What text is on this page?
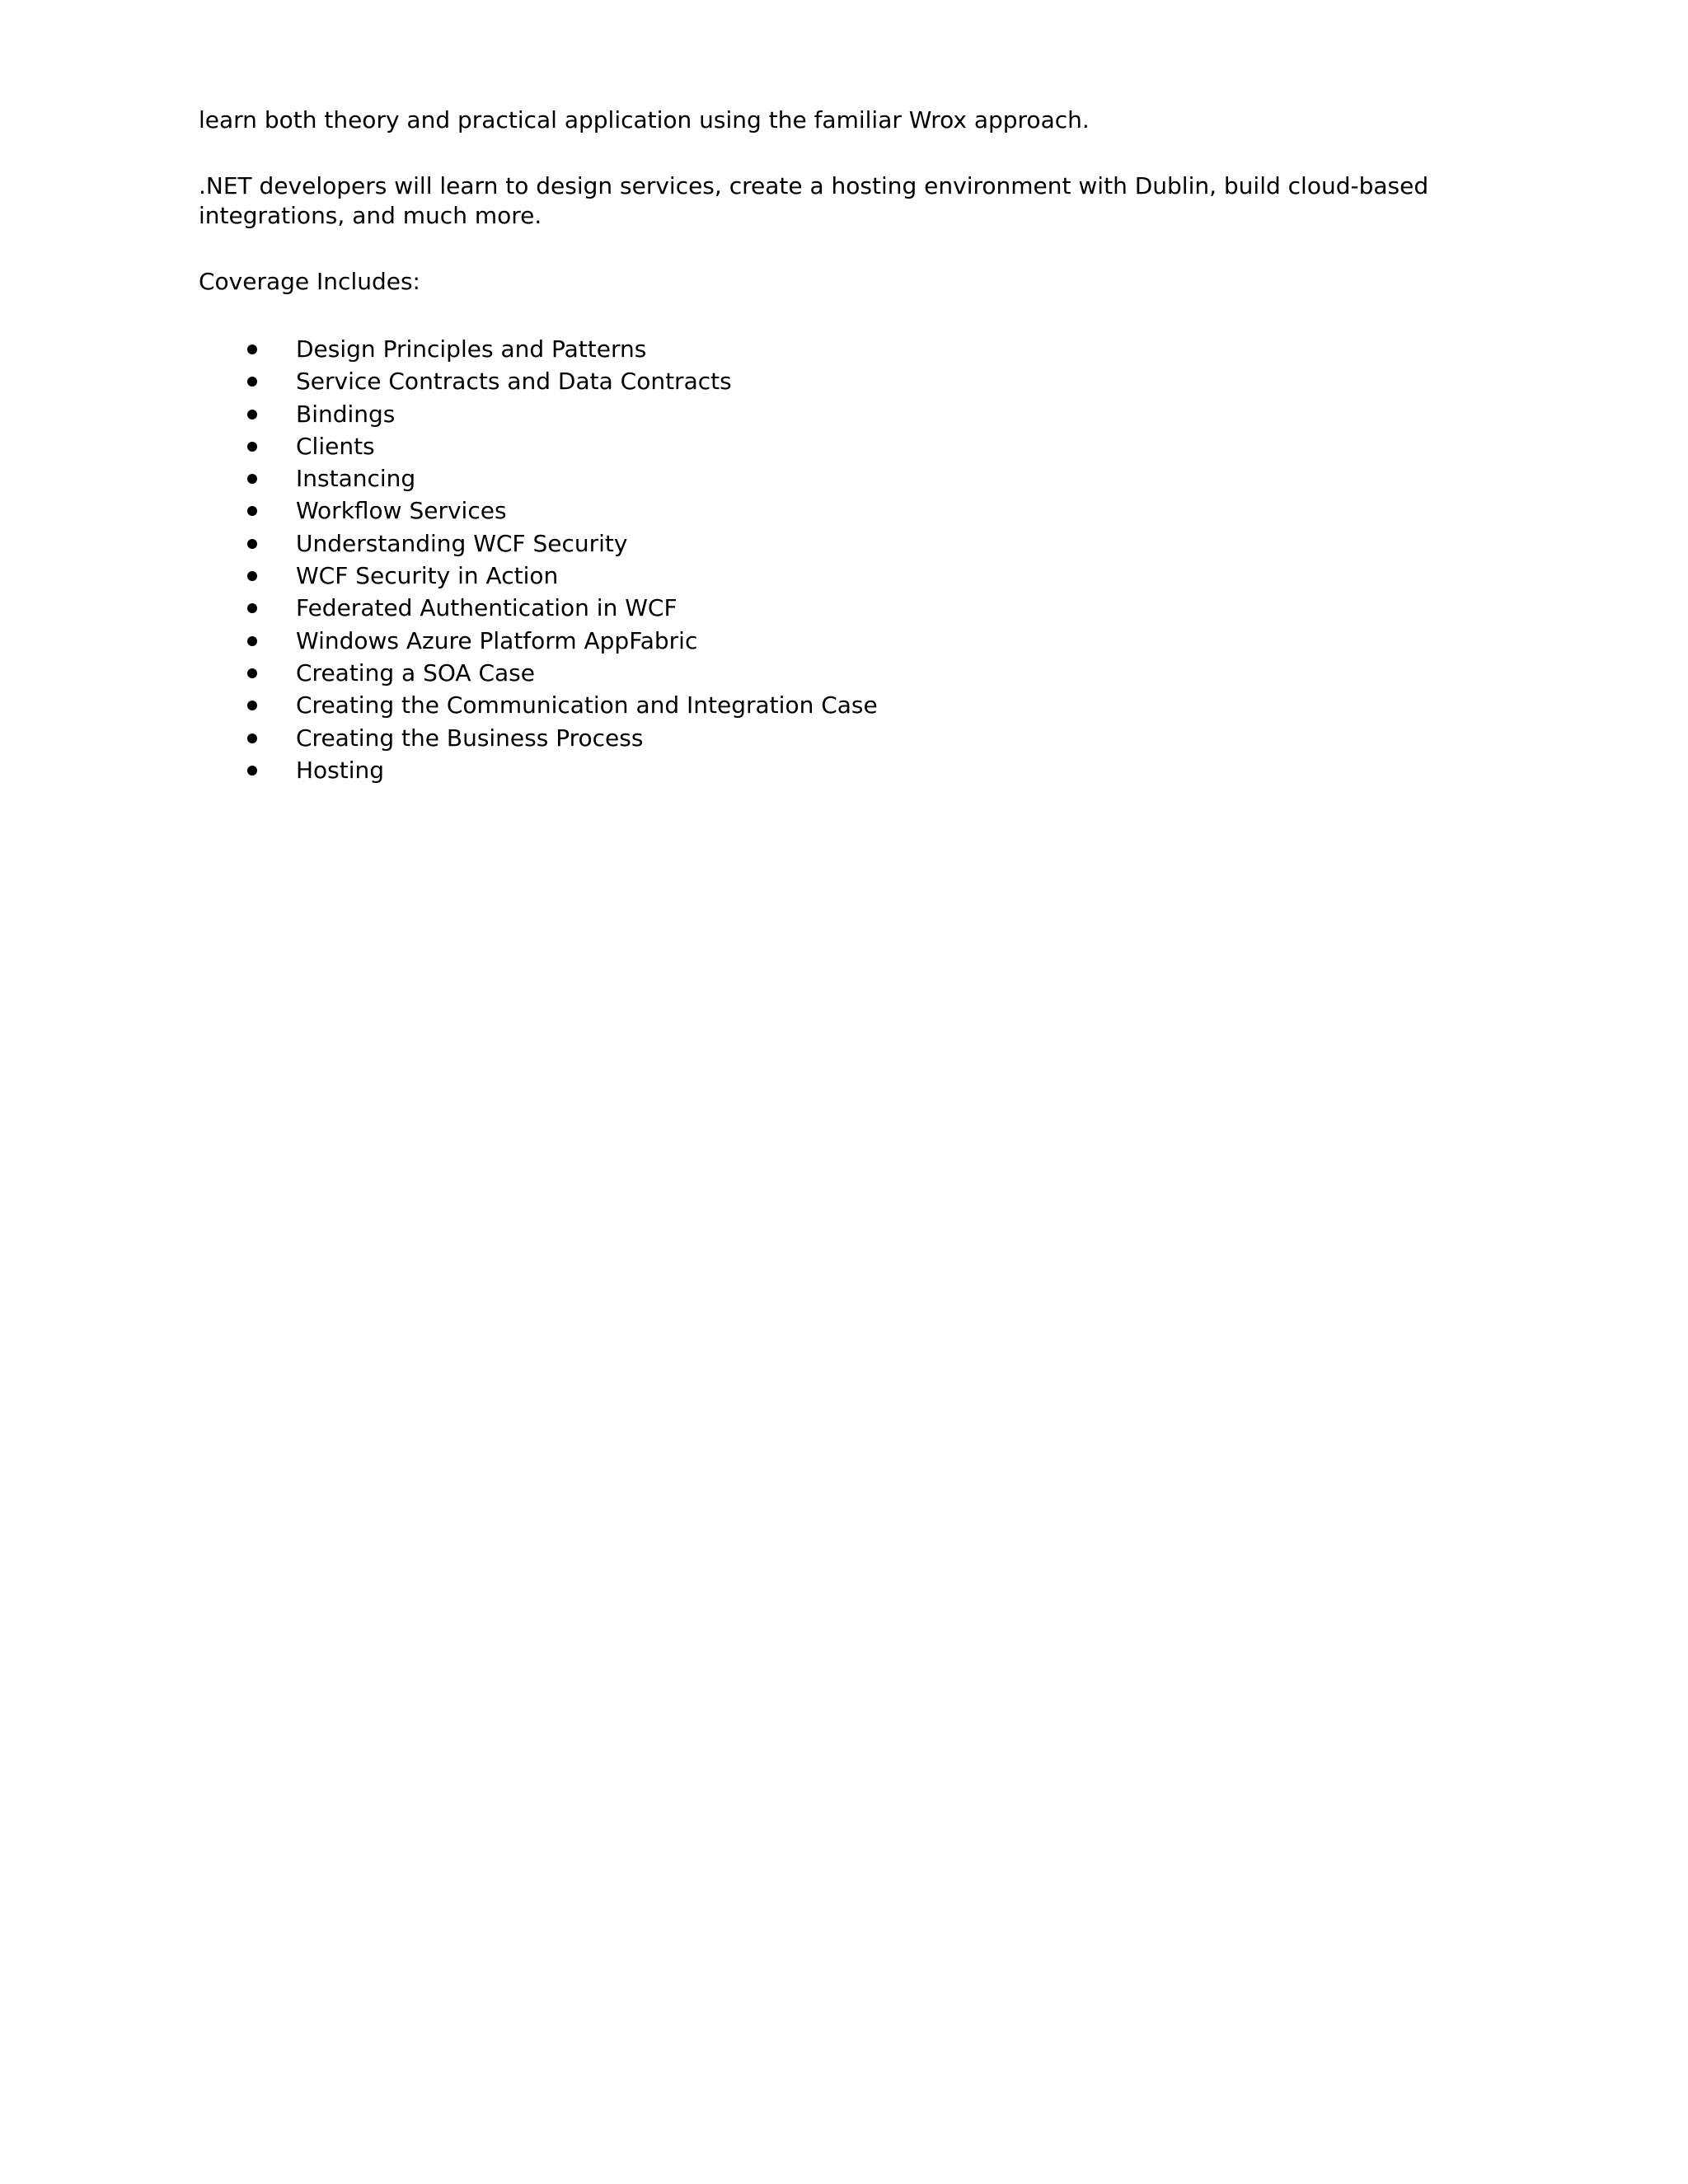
learn both theory and practical application using the familiar Wrox approach.

.NET developers will learn to design services, create a hosting environment with Dublin, build cloud-based integrations, and much more.

Coverage Includes:

Design Principles and Patterns
Service Contracts and Data Contracts
Bindings
Clients
Instancing
Workflow Services
Understanding WCF Security
WCF Security in Action
Federated Authentication in WCF
Windows Azure Platform AppFabric
Creating a SOA Case
Creating the Communication and Integration Case
Creating the Business Process
Hosting
